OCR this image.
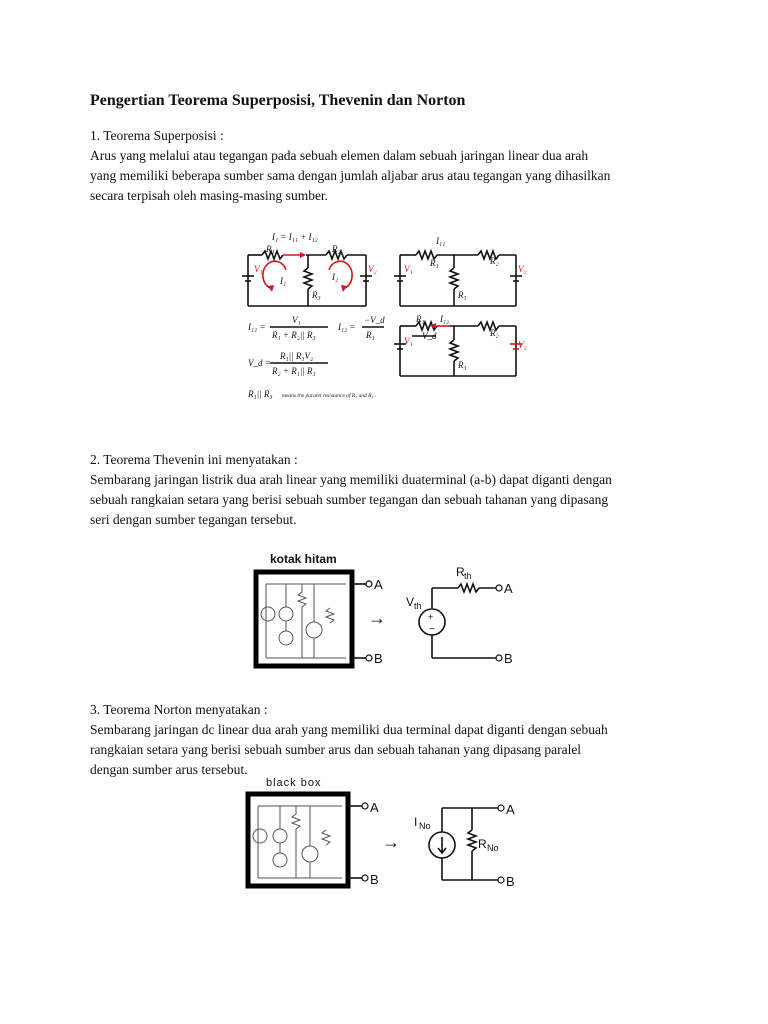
Pengertian Teorema Superposisi, Thevenin dan Norton
1. Teorema Superposisi :
Arus yang melalui atau tegangan pada sebuah elemen dalam sebuah jaringan linear dua arah
yang memiliki beberapa sumber sama dengan jumlah aljabar arus atau tegangan yang dihasilkan
secara terpisah oleh masing-masing sumber.
I₁ = I₁₁ + I₁₂
R₁	R₂
R₃
V₁	V₂
I₁	I₂
I₁₁
R₁	R₂
R₃
V₁	V₂
I₁₂
R₁
R₂
R₃
V₁	V₂
V_d
I₁₁ =
V₁
R₁ + R₂|| R₃
I₁₂ =
−V_d
R₁
V_d =
R₁|| R₃V₂
R₂ + R₁|| R₃
R₁|| R₃ means the paralel resistance of R₁ and R₃ .
2. Teorema Thevenin ini menyatakan :
Sembarang jaringan listrik dua arah linear yang memiliki duaterminal (a-b) dapat diganti dengan
sebuah rangkaian setara yang berisi sebuah sumber tegangan dan sebuah tahanan yang dipasang
seri dengan sumber tegangan tersebut.
kotak hitam
A
B
→	+
−
A
B
R th
V th
3. Teorema Norton menyatakan :
Sembarang jaringan dc linear dua arah yang memiliki dua terminal dapat diganti dengan sebuah
rangkaian setara yang berisi sebuah sumber arus dan sebuah tahanan yang dipasang paralel
dengan sumber arus tersebut.
black box
A
B
→
A
B
I No
R No
